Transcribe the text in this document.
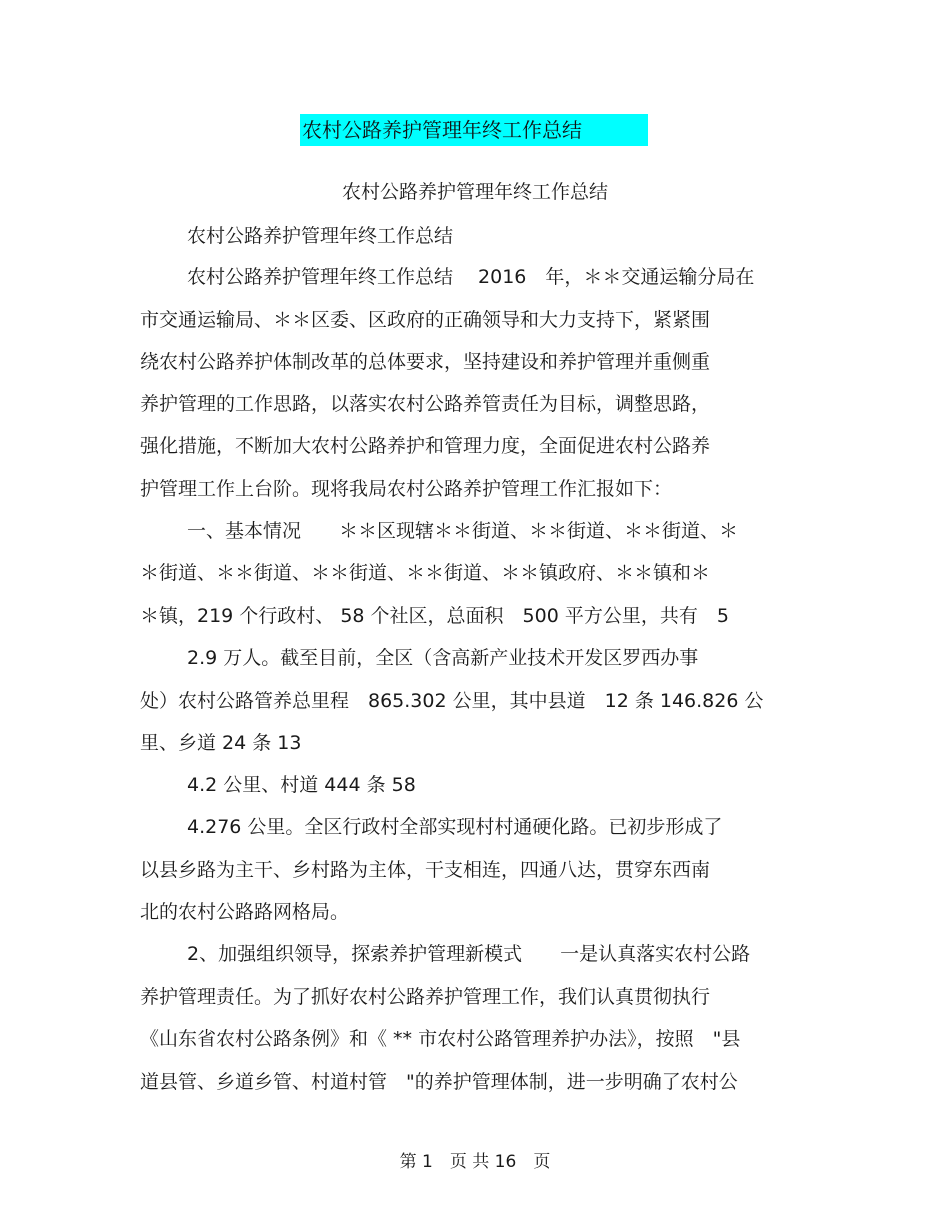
农村公路养护管理年终工作总结
农村公路养护管理年终工作总结
农村公路养护管理年终工作总结
农村公路养护管理年终工作总结　 2016　年，＊＊交通运输分局在
市交通运输局、＊＊区委、区政府的正确领导和大力支持下，紧紧围
绕农村公路养护体制改革的总体要求，坚持建设和养护管理并重侧重
养护管理的工作思路，以落实农村公路养管责任为目标，调整思路，
强化措施，不断加大农村公路养护和管理力度，全面促进农村公路养
护管理工作上台阶。现将我局农村公路养护管理工作汇报如下：
一、基本情况　　＊＊区现辖＊＊街道、＊＊街道、＊＊街道、＊
＊街道、＊＊街道、＊＊街道、＊＊街道、＊＊镇政府、＊＊镇和＊
＊镇，219 个行政村、 58 个社区，总面积　500 平方公里，共有　5
2.9 万人。截至目前，全区（含高新产业技术开发区罗西办事
处）农村公路管养总里程　865.302 公里，其中县道　12 条 146.826 公
里、乡道 24 条 13
4.2 公里、村道 444 条 58
4.276 公里。全区行政村全部实现村村通硬化路。已初步形成了
以县乡路为主干、乡村路为主体，干支相连，四通八达，贯穿东西南
北的农村公路路网格局。
2、加强组织领导，探索养护管理新模式　　一是认真落实农村公路
养护管理责任。为了抓好农村公路养护管理工作，我们认真贯彻执行
《山东省农村公路条例》和《 ** 市农村公路管理养护办法》，按照　"县
道县管、乡道乡管、村道村管　"的养护管理体制，进一步明确了农村公
第 1　页 共 16　页
